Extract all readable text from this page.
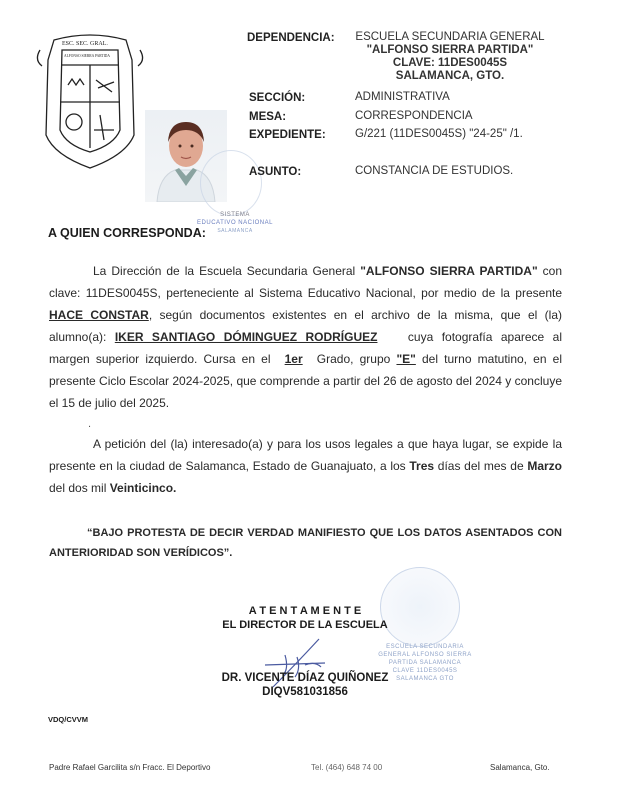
ESC. SEC. GRAL.
ALFONSO SIERRA PARTIDA
SISTEMA
EDUCATIVO NACIONAL
SALAMANCA
DEPENDENCIA:	ESCUELA SECUNDARIA GENERAL
"ALFONSO SIERRA PARTIDA"
CLAVE: 11DES0045S
SALAMANCA, GTO.
SECCIÓN:	ADMINISTRATIVA
MESA:	CORRESPONDENCIA
EXPEDIENTE:	G/221 (11DES0045S) "24-25" /1.
ASUNTO:	CONSTANCIA DE ESTUDIOS.
A QUIEN CORRESPONDA:
La Dirección de la Escuela Secundaria General "ALFONSO SIERRA PARTIDA" con clave: 11DES0045S, perteneciente al Sistema Educativo Nacional, por medio de la presente HACE CONSTAR, según documentos existentes en el archivo de la misma, que el (la) alumno(a): IKER SANTIAGO DÓMINGUEZ RODRÍGUEZ cuya fotografía aparece al margen superior izquierdo. Cursa en el 1er Grado, grupo "E" del turno matutino, en el presente Ciclo Escolar 2024-2025, que comprende a partir del 26 de agosto del 2024 y concluye el 15 de julio del 2025.
.
A petición del (la) interesado(a) y para los usos legales a que haya lugar, se expide la presente en la ciudad de Salamanca, Estado de Guanajuato, a los Tres días del mes de Marzo del dos mil Veinticinco.
“BAJO PROTESTA DE DECIR VERDAD MANIFIESTO QUE LOS DATOS ASENTADOS CON ANTERIORIDAD SON VERÍDICOS”.
ESCUELA SECUNDARIA
GENERAL ALFONSO SIERRA
PARTIDA SALAMANCA
CLAVE 11DES0045S
SALAMANCA GTO
A T E N T A M E N T E
EL DIRECTOR DE LA ESCUELA
DR. VICENTE DÍAZ QUIÑONEZ
DIQV581031856
VDQ/CVVM
Padre Rafael Garcilita s/n Fracc. El Deportivo	Tel. (464) 648 74 00	Salamanca, Gto.
